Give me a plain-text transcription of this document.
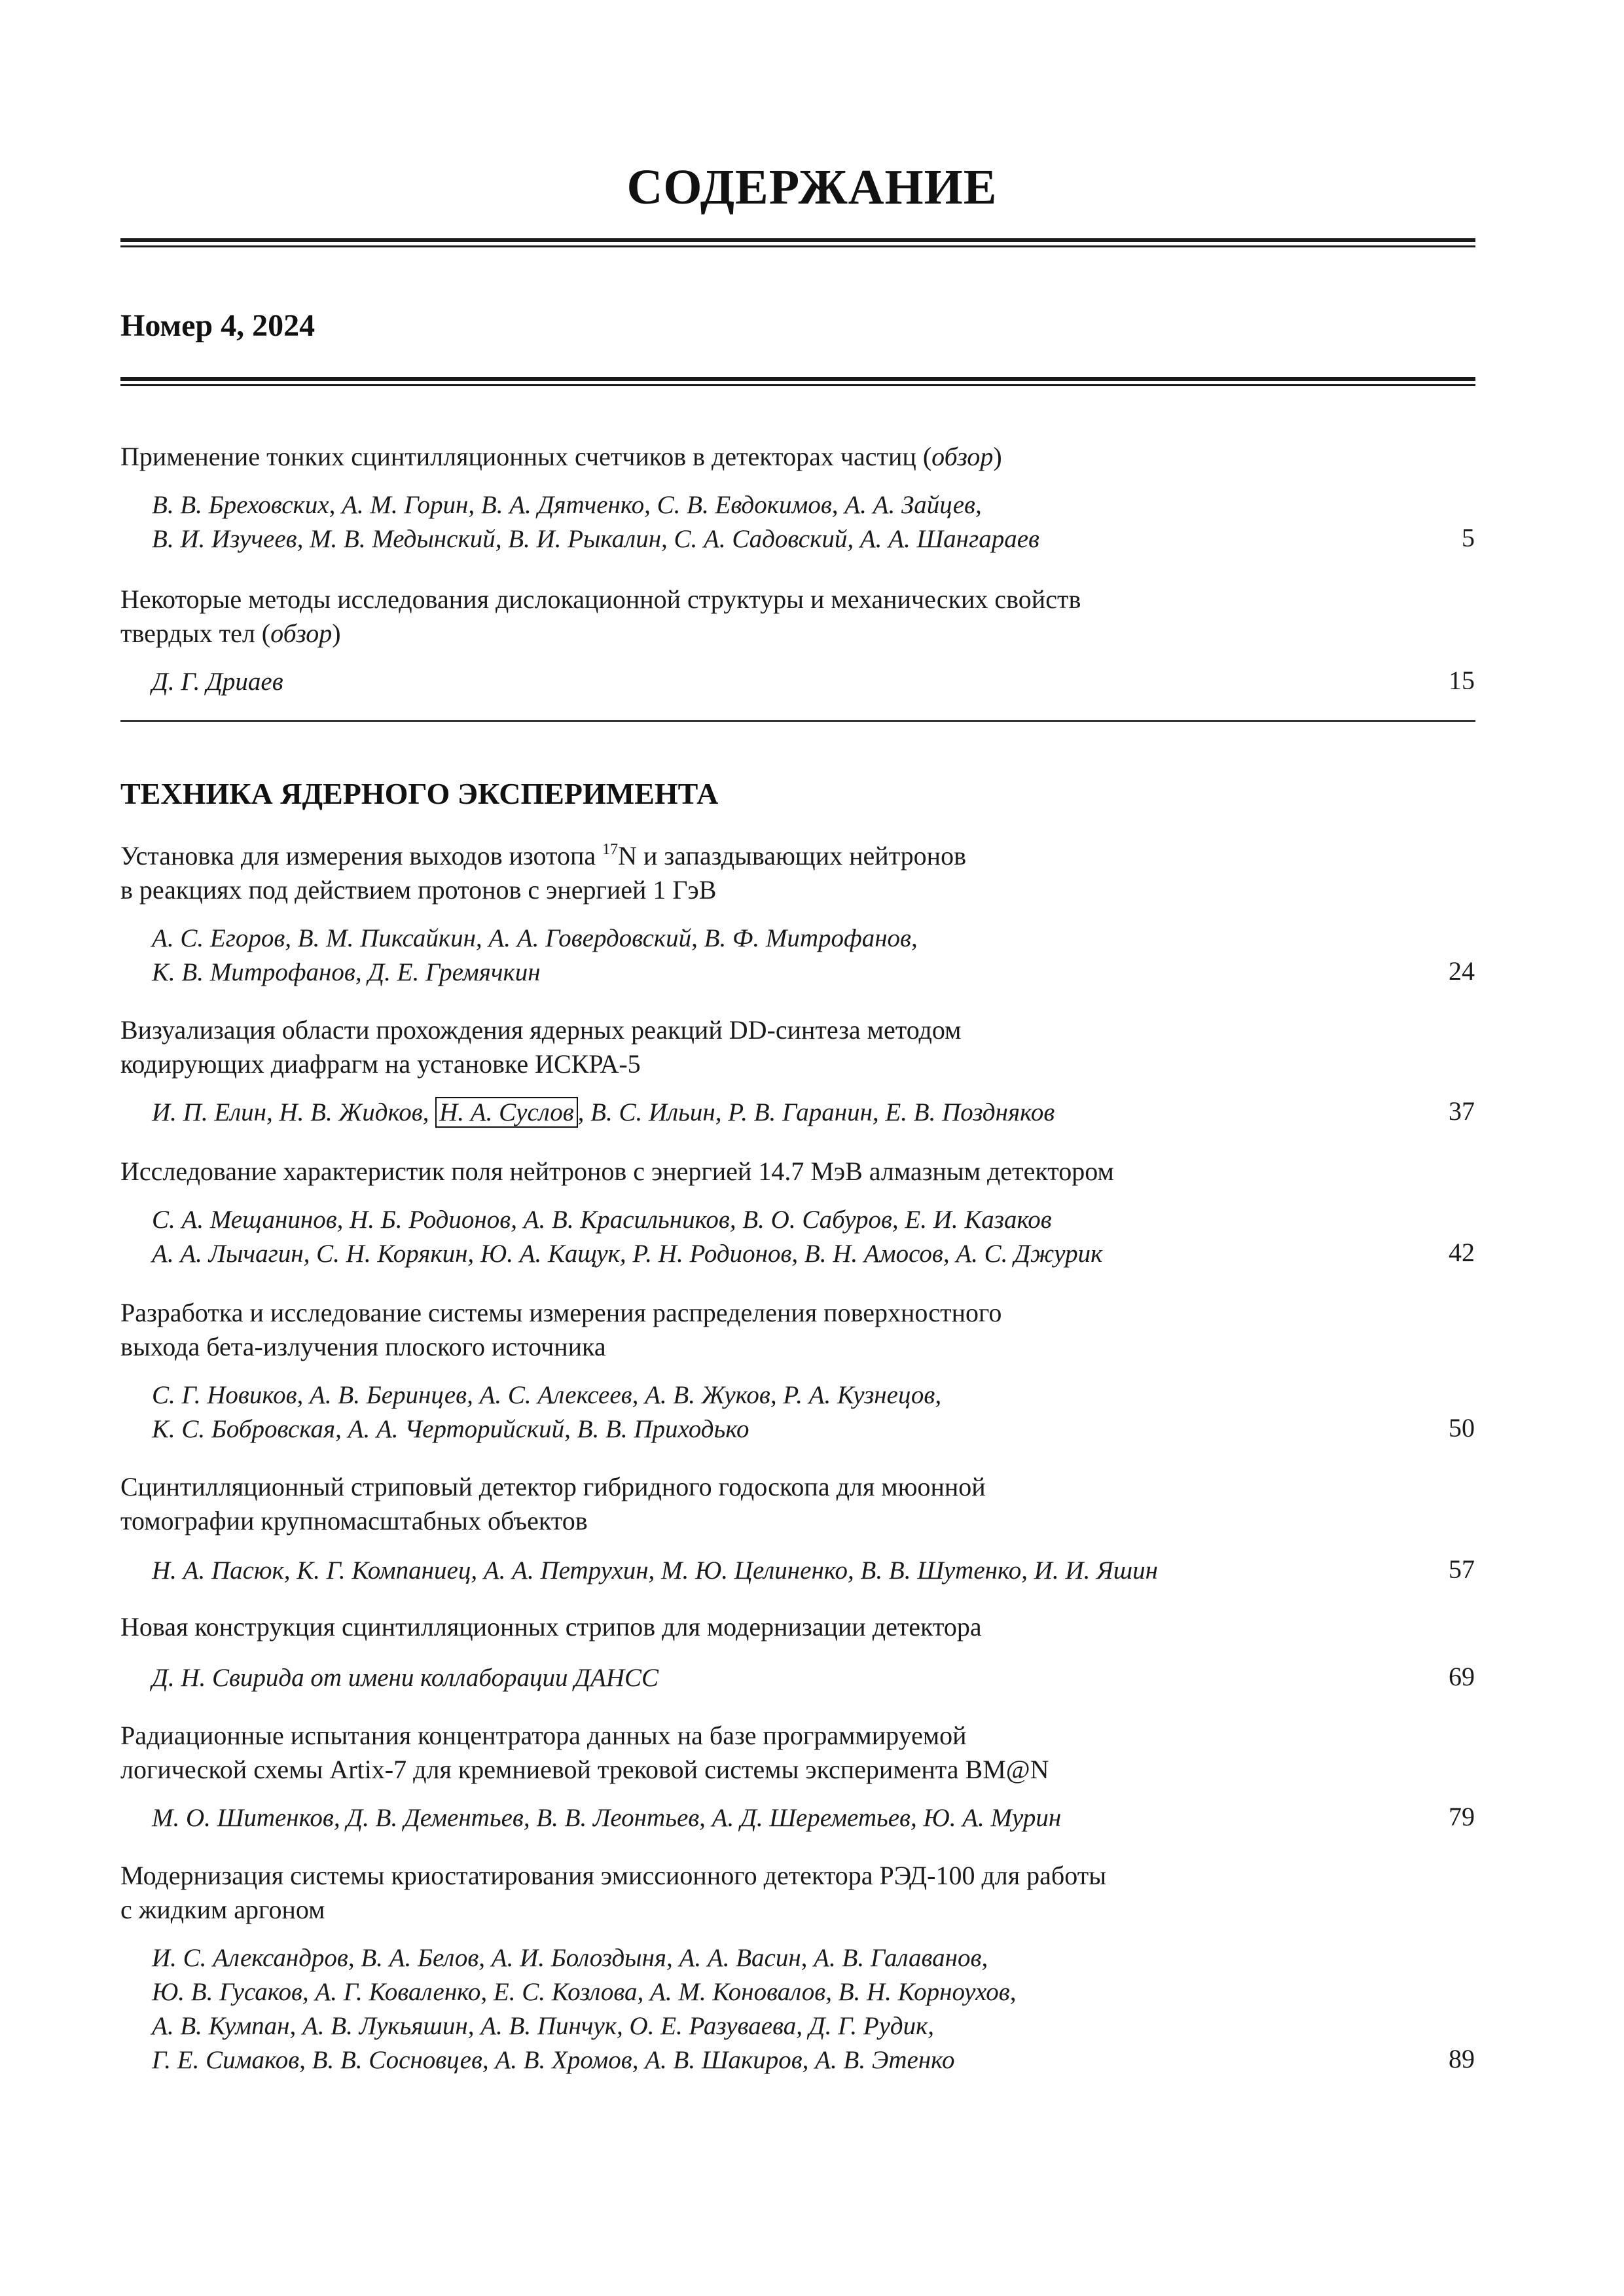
СОДЕРЖАНИЕ
Номер 4, 2024
Применение тонких сцинтилляционных счетчиков в детекторах частиц (обзор)
В. В. Бреховских, А. М. Горин, В. А. Дятченко, С. В. Евдокимов, А. А. Зайцев,
В. И. Изучеев, М. В. Медынский, В. И. Рыкалин, С. А. Садовский, А. А. Шангараев	5
Некоторые методы исследования дислокационной структуры и механических свойств
твердых тел (обзор)
Д. Г. Дриаев	15
ТЕХНИКА ЯДЕРНОГО ЭКСПЕРИМЕНТА
Установка для измерения выходов изотопа $^{17}$N и запаздывающих нейтронов
в реакциях под действием протонов с энергией 1 ГэВ
А. С. Егоров, В. М. Пиксайкин, А. А. Говердовский, В. Ф. Митрофанов,
К. В. Митрофанов, Д. Е. Гремячкин	24
Визуализация области прохождения ядерных реакций DD-синтеза методом
кодирующих диафрагм на установке ИСКРА-5
И. П. Елин, Н. В. Жидков, Н. А. Суслов , В. С. Ильин, Р. В. Гаранин, Е. В. Поздняков	37
Исследование характеристик поля нейтронов с энергией 14.7 МэВ алмазным детектором
С. А. Мещанинов, Н. Б. Родионов, А. В. Красильников, В. О. Сабуров, Е. И. Казаков
А. А. Лычагин, С. Н. Корякин, Ю. А. Кащук, Р. Н. Родионов, В. Н. Амосов, А. С. Джурик	42
Разработка и исследование системы измерения распределения поверхностного
выхода бета-излучения плоского источника
С. Г. Новиков, А. В. Беринцев, А. С. Алексеев, А. В. Жуков, Р. А. Кузнецов,
К. С. Бобровская, А. А. Черторийский, В. В. Приходько	50
Сцинтилляционный стриповый детектор гибридного годоскопа для мюонной
томографии крупномасштабных объектов
Н. А. Пасюк, К. Г. Компаниец, А. А. Петрухин, М. Ю. Целиненко, В. В. Шутенко, И. И. Яшин	57
Новая конструкция сцинтилляционных стрипов для модернизации детектора
Д. Н. Свирида от имени коллаборации ДАНСС	69
Радиационные испытания концентратора данных на базе программируемой
логической схемы Artix-7 для кремниевой трековой системы эксперимента BM@N
М. О. Шитенков, Д. В. Дементьев, В. В. Леонтьев, А. Д. Шереметьев, Ю. А. Мурин	79
Модернизация системы криостатирования эмиссионного детектора РЭД-100 для работы
с жидким аргоном
И. С. Александров, В. А. Белов, А. И. Болоздыня, А. А. Васин, А. В. Галаванов,
Ю. В. Гусаков, А. Г. Коваленко, Е. С. Козлова, А. М. Коновалов, В. Н. Корноухов,
А. В. Кумпан, А. В. Лукьяшин, А. В. Пинчук, О. Е. Разуваева, Д. Г. Рудик,
Г. Е. Симаков, В. В. Сосновцев, А. В. Хромов, А. В. Шакиров, А. В. Этенко	89
